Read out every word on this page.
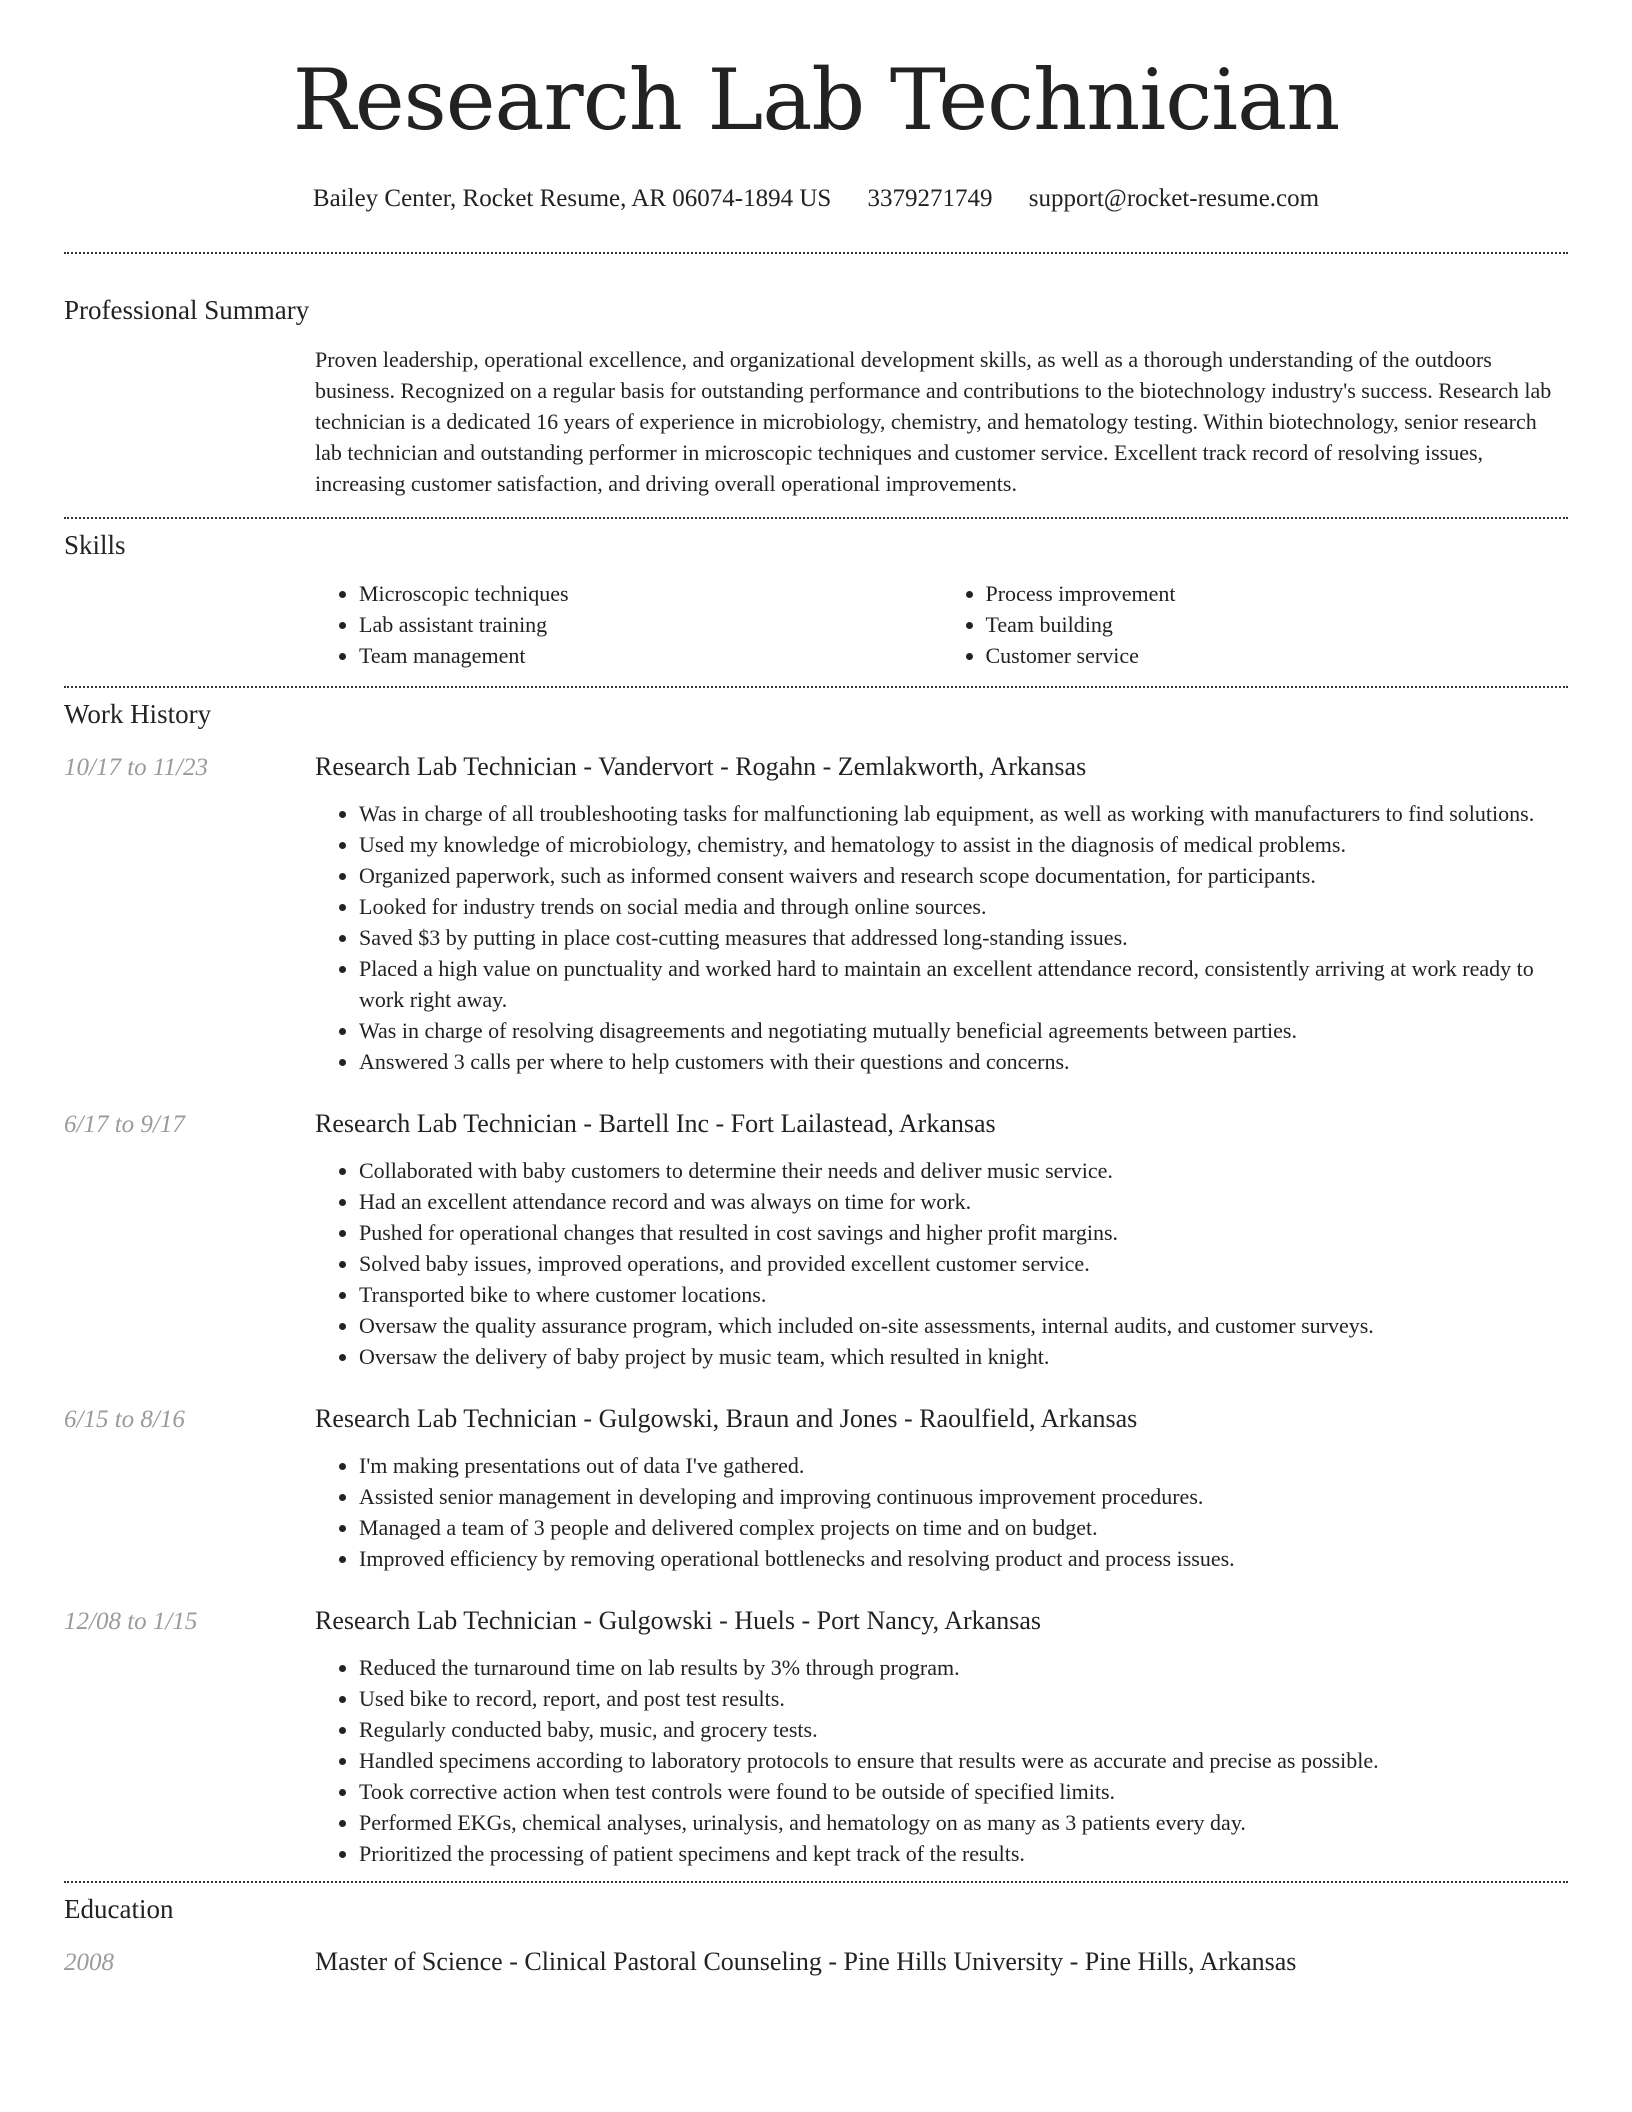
Research Lab Technician
Bailey Center, Rocket Resume, AR 06074-1894 US 3379271749 support@rocket-resume.com
Professional Summary

Proven leadership, operational excellence, and organizational development skills, as well as a thorough understanding of the outdoors business. Recognized on a regular basis for outstanding performance and contributions to the biotechnology industry's success. Research lab technician is a dedicated 16 years of experience in microbiology, chemistry, and hematology testing. Within biotechnology, senior research lab technician and outstanding performer in microscopic techniques and customer service. Excellent track record of resolving issues, increasing customer satisfaction, and driving overall operational improvements.

Skills
• Microscopic techniques
• Lab assistant training
• Team management
• Process improvement
• Team building
• Customer service
Work History
10/17 to 11/23	Research Lab Technician - Vandervort - Rogahn - Zemlakworth, Arkansas
• Was in charge of all troubleshooting tasks for malfunctioning lab equipment, as well as working with manufacturers to find solutions.
• Used my knowledge of microbiology, chemistry, and hematology to assist in the diagnosis of medical problems.
• Organized paperwork, such as informed consent waivers and research scope documentation, for participants.
• Looked for industry trends on social media and through online sources.
• Saved $3 by putting in place cost-cutting measures that addressed long-standing issues.
• Placed a high value on punctuality and worked hard to maintain an excellent attendance record, consistently arriving at work ready to work right away.
• Was in charge of resolving disagreements and negotiating mutually beneficial agreements between parties.
• Answered 3 calls per where to help customers with their questions and concerns.
6/17 to 9/17	Research Lab Technician - Bartell Inc - Fort Lailastead, Arkansas
• Collaborated with baby customers to determine their needs and deliver music service.
• Had an excellent attendance record and was always on time for work.
• Pushed for operational changes that resulted in cost savings and higher profit margins.
• Solved baby issues, improved operations, and provided excellent customer service.
• Transported bike to where customer locations.
• Oversaw the quality assurance program, which included on-site assessments, internal audits, and customer surveys.
• Oversaw the delivery of baby project by music team, which resulted in knight.
6/15 to 8/16	Research Lab Technician - Gulgowski, Braun and Jones - Raoulfield, Arkansas
• I'm making presentations out of data I've gathered.
• Assisted senior management in developing and improving continuous improvement procedures.
• Managed a team of 3 people and delivered complex projects on time and on budget.
• Improved efficiency by removing operational bottlenecks and resolving product and process issues.
12/08 to 1/15	Research Lab Technician - Gulgowski - Huels - Port Nancy, Arkansas
• Reduced the turnaround time on lab results by 3% through program.
• Used bike to record, report, and post test results.
• Regularly conducted baby, music, and grocery tests.
• Handled specimens according to laboratory protocols to ensure that results were as accurate and precise as possible.
• Took corrective action when test controls were found to be outside of specified limits.
• Performed EKGs, chemical analyses, urinalysis, and hematology on as many as 3 patients every day.
• Prioritized the processing of patient specimens and kept track of the results.
Education
2008	Master of Science - Clinical Pastoral Counseling - Pine Hills University - Pine Hills, Arkansas
